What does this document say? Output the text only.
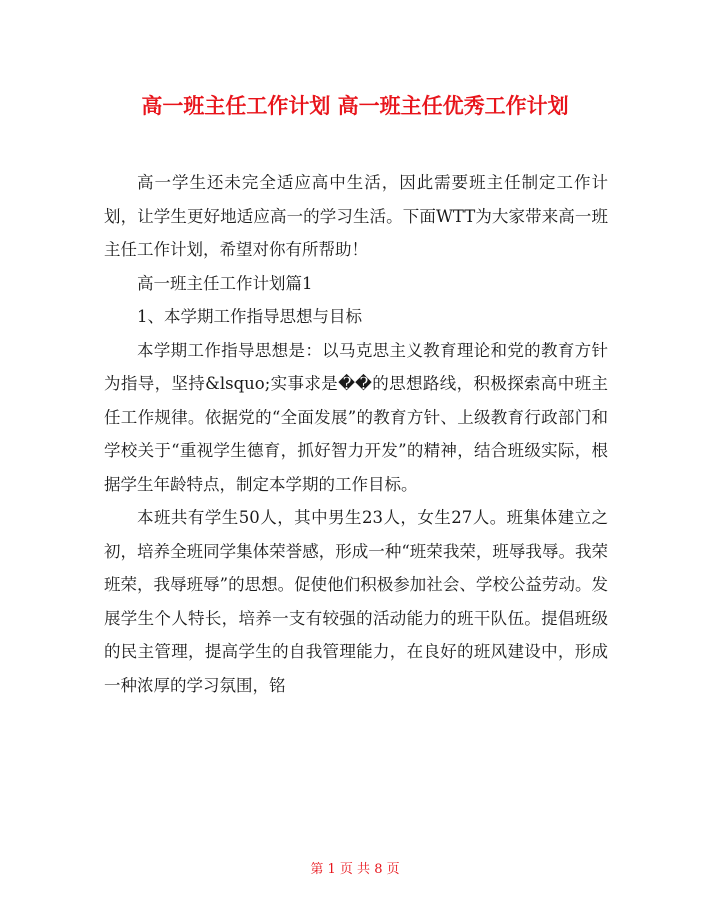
高一班主任工作计划 高一班主任优秀工作计划

高一学生还未完全适应高中生活，因此需要班主任制定工作计划，让学生更好地适应高一的学习生活。下面WTT为大家带来高一班主任工作计划，希望对你有所帮助！

高一班主任工作计划篇1

1、本学期工作指导思想与目标

本学期工作指导思想是：以马克思主义教育理论和党的教育方针为指导，坚持&lsquo;实事求是��的思想路线，积极探索高中班主任工作规律。依据党的“全面发展”的教育方针、上级教育行政部门和学校关于“重视学生德育，抓好智力开发”的精神，结合班级实际，根据学生年龄特点，制定本学期的工作目标。

本班共有学生50人，其中男生23人，女生27人。班集体建立之初，培养全班同学集体荣誉感，形成一种“班荣我荣，班辱我辱。我荣班荣，我辱班辱”的思想。促使他们积极参加社会、学校公益劳动。发展学生个人特长，培养一支有较强的活动能力的班干队伍。提倡班级的民主管理，提高学生的自我管理能力，在良好的班风建设中，形成一种浓厚的学习氛围，铭

第 1 页 共 8 页
